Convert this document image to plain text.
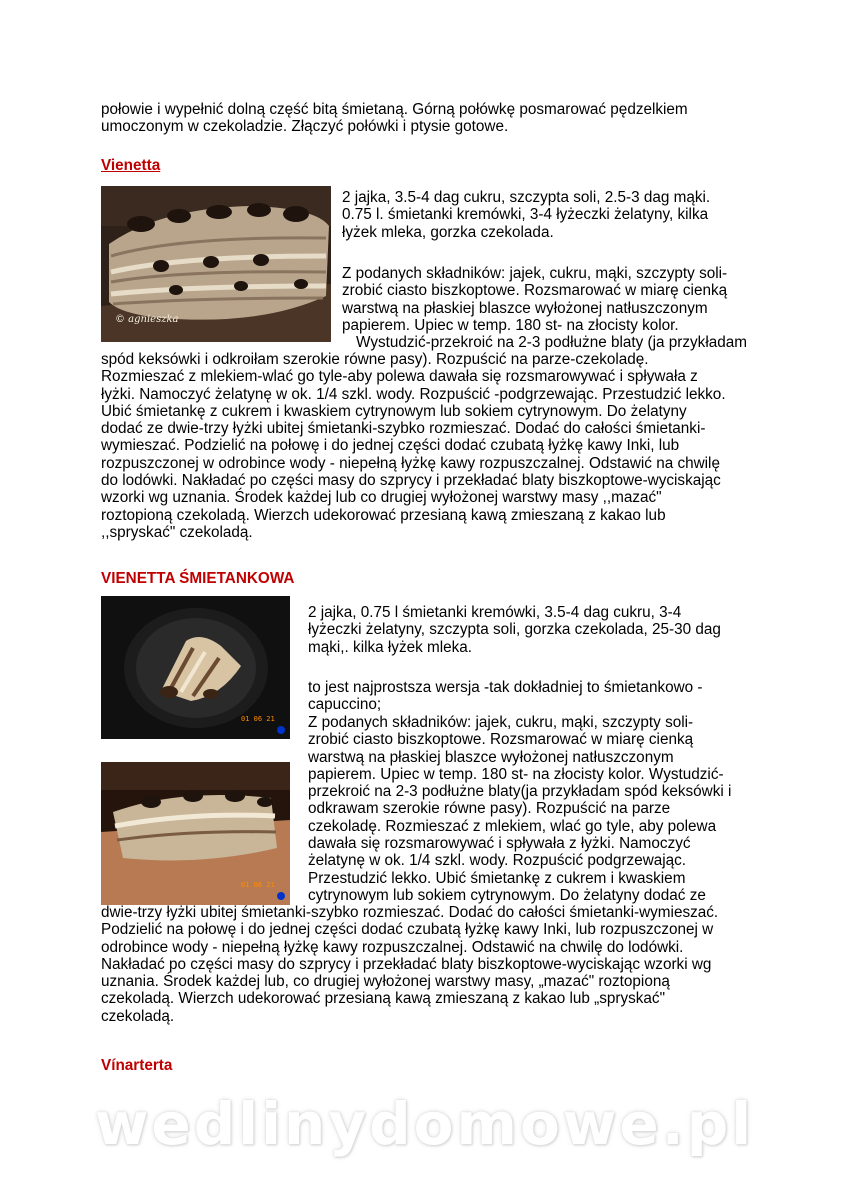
połowie i wypełnić dolną część bitą śmietaną. Górną połówkę posmarować pędzelkiem

umoczonym w czekoladzie. Złączyć połówki i ptysie gotowe.

Vienetta
© agnieszka

2 jajka, 3.5-4 dag cukru, szczypta soli, 2.5-3 dag mąki.

0.75 l. śmietanki kremówki, 3-4 łyżeczki żelatyny, kilka

łyżek mleka, gorzka czekolada.

Z podanych składników: jajek, cukru, mąki, szczypty soli-

zrobić ciasto biszkoptowe. Rozsmarować w miarę cienką

warstwą na płaskiej blaszce wyłożonej natłuszczonym

papierem. Upiec w temp. 180 st- na złocisty kolor.

Wystudzić-przekroić na 2-3 podłużne blaty (ja przykładam

spód keksówki i odkroiłam szerokie równe pasy). Rozpuścić na parze-czekoladę.

Rozmieszać z mlekiem-wlać go tyle-aby polewa dawała się rozsmarowywać i spływała z

łyżki. Namoczyć żelatynę w ok. 1/4 szkl. wody. Rozpuścić -podgrzewając. Przestudzić lekko.

Ubić śmietankę z cukrem i kwaskiem cytrynowym lub sokiem cytrynowym. Do żelatyny

dodać ze dwie-trzy łyżki ubitej śmietanki-szybko rozmieszać. Dodać do całości śmietanki-

wymieszać. Podzielić na połowę i do jednej części dodać czubatą łyżkę kawy Inki, lub

rozpuszczonej w odrobince wody - niepełną łyżkę kawy rozpuszczalnej. Odstawić na chwilę

do lodówki. Nakładać po części masy do szprycy i przekładać blaty biszkoptowe-wyciskając

wzorki wg uznania. Środek każdej lub co drugiej wyłożonej warstwy masy ,,mazać"

roztopioną czekoladą. Wierzch udekorować przesianą kawą zmieszaną z kakao lub

,,spryskać" czekoladą.

VIENETTA ŚMIETANKOWA
01 06 21
01 06 21

2 jajka, 0.75 l śmietanki kremówki, 3.5-4 dag cukru, 3-4

łyżeczki żelatyny, szczypta soli, gorzka czekolada, 25-30 dag

mąki,. kilka łyżek mleka.

to jest najprostsza wersja -tak dokładniej to śmietankowo -

capuccino;

Z podanych składników: jajek, cukru, mąki, szczypty soli-

zrobić ciasto biszkoptowe. Rozsmarować w miarę cienką

warstwą na płaskiej blaszce wyłożonej natłuszczonym

papierem. Upiec w temp. 180 st- na złocisty kolor. Wystudzić-

przekroić na 2-3 podłużne blaty(ja przykładam spód keksówki i

odkrawam szerokie równe pasy). Rozpuścić na parze

czekoladę. Rozmieszać z mlekiem, wlać go tyle, aby polewa

dawała się rozsmarowywać i spływała z łyżki. Namoczyć

żelatynę w ok. 1/4 szkl. wody. Rozpuścić podgrzewając.

Przestudzić lekko. Ubić śmietankę z cukrem i kwaskiem

cytrynowym lub sokiem cytrynowym. Do żelatyny dodać ze

dwie-trzy łyżki ubitej śmietanki-szybko rozmieszać. Dodać do całości śmietanki-wymieszać.

Podzielić na połowę i do jednej części dodać czubatą łyżkę kawy Inki, lub rozpuszczonej w

odrobince wody - niepełną łyżkę kawy rozpuszczalnej. Odstawić na chwilę do lodówki.

Nakładać po części masy do szprycy i przekładać blaty biszkoptowe-wyciskając wzorki wg

uznania. Środek każdej lub, co drugiej wyłożonej warstwy masy, „mazać" roztopioną

czekoladą. Wierzch udekorować przesianą kawą zmieszaną z kakao lub „spryskać"

czekoladą.

Vínarterta
wedlinydomowe.pl
